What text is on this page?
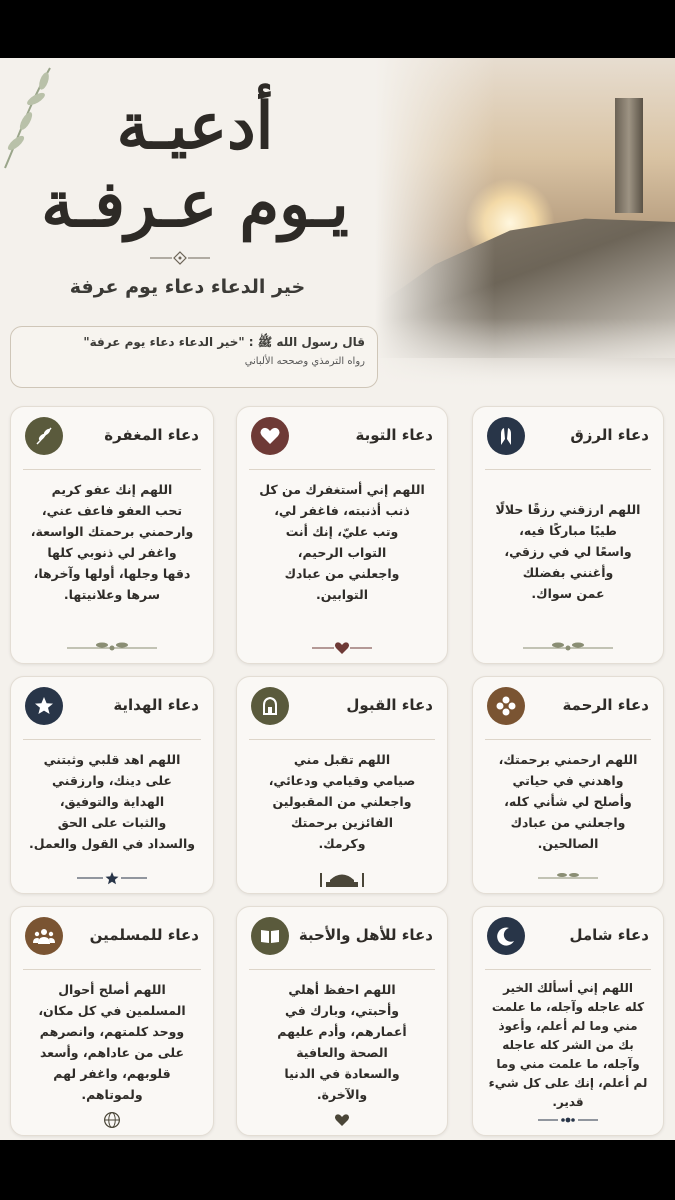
أدعيـة
يـوم عـرفـة
خير الدعاء دعاء يوم عرفة
قال رسول الله ﷺ : "خير الدعاء دعاء يوم عرفة"
رواه الترمذي وصححه الألباني
دعاء الرزق
اللهم ارزقني رزقًا حلالًا
طيبًا مباركًا فيه،
واسعًا لي في رزقي،
وأغنني بفضلك
عمن سواك.
دعاء التوبة
اللهم إني أستغفرك من كل
ذنب أذنبته، فاغفر لي،
وتب عليّ، إنك أنت
التواب الرحيم،
واجعلني من عبادك
التوابين.
دعاء المغفرة
اللهم إنك عفو كريم
تحب العفو فاعف عني،
وارحمني برحمتك الواسعة،
واغفر لي ذنوبي كلها
دقها وجلها، أولها وآخرها،
سرها وعلانيتها.
دعاء الرحمة
اللهم ارحمني برحمتك،
واهدني في حياتي
وأصلح لي شأني كله،
واجعلني من عبادك
الصالحين.
دعاء القبول
اللهم تقبل مني
صيامي وقيامي ودعائي،
واجعلني من المقبولين
الفائزين برحمتك
وكرمك.
دعاء الهداية
اللهم اهد قلبي وثبتني
على دينك، وارزقني
الهداية والتوفيق،
والثبات على الحق
والسداد في القول والعمل.
دعاء شامل
اللهم إني أسألك الخير
كله عاجله وآجله، ما علمت
مني وما لم أعلم، وأعوذ
بك من الشر كله عاجله
وآجله، ما علمت مني وما
لم أعلم، إنك على كل شيء
قدير.
دعاء للأهل والأحبة
اللهم احفظ أهلي
وأحبتي، وبارك في
أعمارهم، وأدم عليهم
الصحة والعافية
والسعادة في الدنيا
والآخرة.
دعاء للمسلمين
اللهم أصلح أحوال
المسلمين في كل مكان،
ووحد كلمتهم، وانصرهم
على من عاداهم، وأسعد
قلوبهم، واغفر لهم
ولموتاهم.
